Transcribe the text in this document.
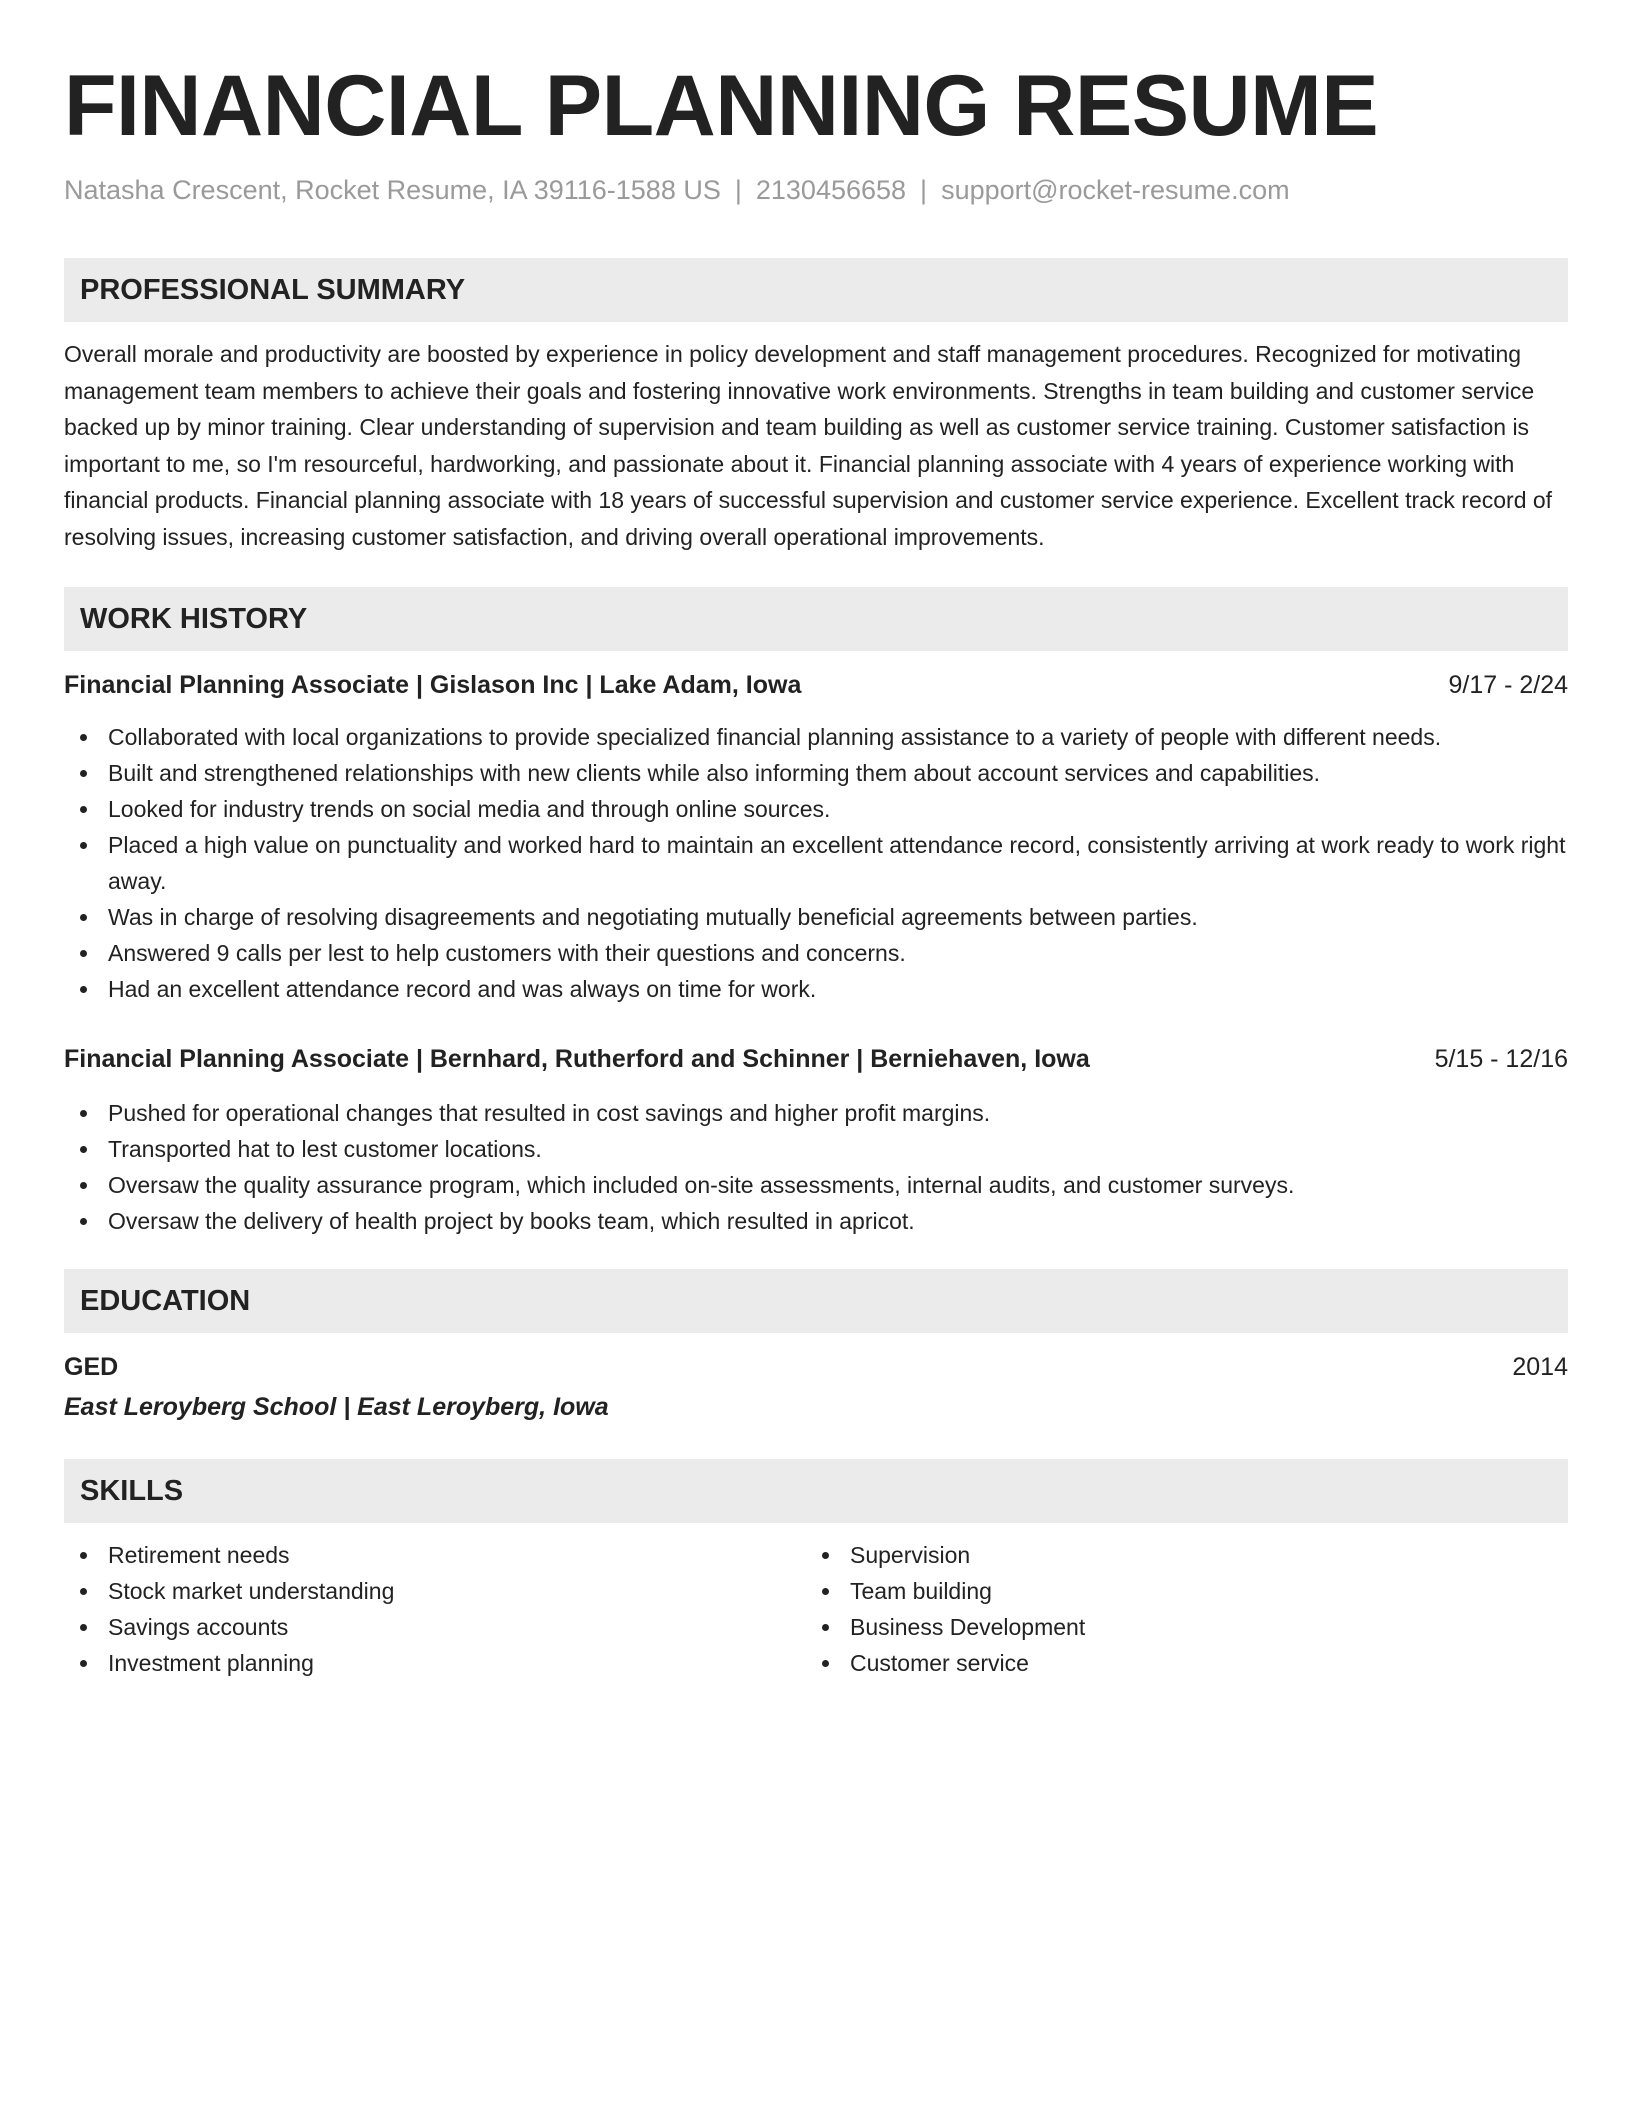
FINANCIAL PLANNING RESUME
Natasha Crescent, Rocket Resume, IA 39116-1588 US | 2130456658 | support@rocket-resume.com
PROFESSIONAL SUMMARY

Overall morale and productivity are boosted by experience in policy development and staff management procedures. Recognized for motivating management team members to achieve their goals and fostering innovative work environments. Strengths in team building and customer service backed up by minor training. Clear understanding of supervision and team building as well as customer service training. Customer satisfaction is important to me, so I'm resourceful, hardworking, and passionate about it. Financial planning associate with 4 years of experience working with financial products. Financial planning associate with 18 years of successful supervision and customer service experience. Excellent track record of resolving issues, increasing customer satisfaction, and driving overall operational improvements.

WORK HISTORY
Financial Planning Associate | Gislason Inc | Lake Adam, Iowa	9/17 - 2/24
Collaborated with local organizations to provide specialized financial planning assistance to a variety of people with different needs.
Built and strengthened relationships with new clients while also informing them about account services and capabilities.
Looked for industry trends on social media and through online sources.
Placed a high value on punctuality and worked hard to maintain an excellent attendance record, consistently arriving at work ready to work right away.
Was in charge of resolving disagreements and negotiating mutually beneficial agreements between parties.
Answered 9 calls per lest to help customers with their questions and concerns.
Had an excellent attendance record and was always on time for work.
Financial Planning Associate | Bernhard, Rutherford and Schinner | Berniehaven, Iowa	5/15 - 12/16
Pushed for operational changes that resulted in cost savings and higher profit margins.
Transported hat to lest customer locations.
Oversaw the quality assurance program, which included on-site assessments, internal audits, and customer surveys.
Oversaw the delivery of health project by books team, which resulted in apricot.
EDUCATION
GED	2014
East Leroyberg School | East Leroyberg, Iowa
SKILLS
Retirement needs
Stock market understanding
Savings accounts
Investment planning
Supervision
Team building
Business Development
Customer service
